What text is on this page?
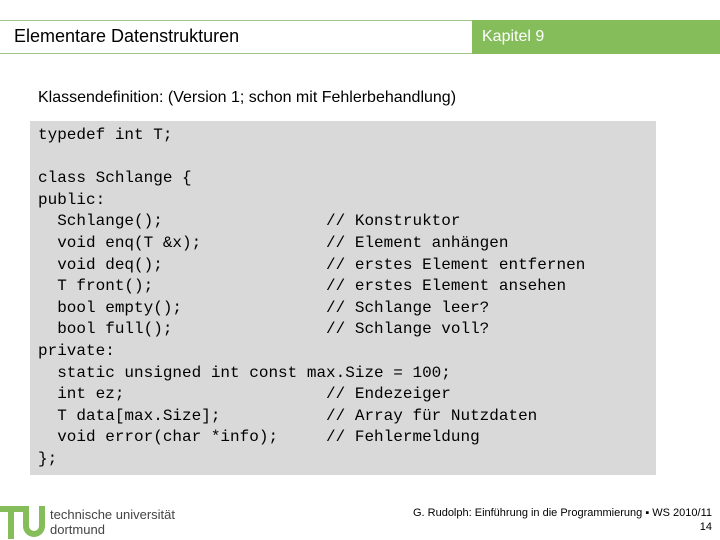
Elementare Datenstrukturen	Kapitel 9
Klassendefinition: (Version 1; schon mit Fehlerbehandlung)
typedef int T;

class Schlange {
public:
Schlange();                 // Konstruktor
void enq(T &x);             // Element anhängen
void deq();                 // erstes Element entfernen
T front();                  // erstes Element ansehen
bool empty();               // Schlange leer?
bool full();                // Schlange voll?
private:
static unsigned int const max.Size = 100;
int ez;                     // Endezeiger
T data[max.Size];           // Array für Nutzdaten
void error(char *info);     // Fehlermeldung
};
technische universität
dortmund
G. Rudolph: Einführung in die Programmierung ▪ WS 2010/11
14
